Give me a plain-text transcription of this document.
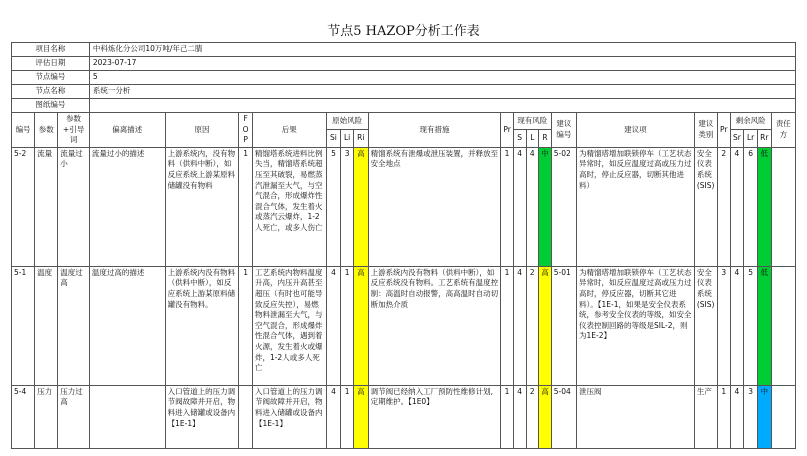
节点5 HAZOP分析工作表
项目名称			中科炼化分公司10万吨/年己二腈																			
评估日期			2023-07-17																			
节点编号			5																			
节点名称			系统一分析																			
图纸编号																						
编号	参数	参数+引导词	偏离描述	原因	FOP	后果	原始风险			现有措施	Pr	现有风险			建议编号	建议项	建议类别	Pr	剩余风险			责任方
							Si	Li	Ri			S	L	R					Sr	Lr	Rr	
5-2	流量	流量过小	流量过小的描述	上游系统内，没有物料（供料中断），如反应系统上游某原料储罐没有物料	1	精馏塔系统进料比例失当，精馏塔系统超压至其破裂，易燃蒸汽泄漏至大气，与空气混合，形成爆炸性混合气体，发生着火或蒸汽云爆炸，1-2人死亡，或多人伤亡	5	3	高	精馏系统有泄爆或泄压装置，并释放至安全地点	1	4	4	中	5-02	为精馏塔增加联锁停车（工艺状态异常时，如反应温度过高或压力过高时，停止反应器，切断其他进料）	安全仪表系统(SIS)	2	4	6	低	
5-1	温度	温度过高	温度过高的描述	上游系统内没有物料（供料中断），如反应系统上游某原料储罐没有物料。	1	工艺系统内物料温度升高，内压升高甚至超压（有时也可能导致反应失控），易燃物料泄漏至大气，与空气混合，形成爆炸性混合气体，遇到着火源，发生着火或爆炸，1-2人或多人死亡	4	1	高	上游系统内没有物料（供料中断），如反应系统没有物料。工艺系统有温度控制：高温时自动报警，高高温时自动切断加热介质	1	4	2	高	5-01	为精馏塔增加联锁停车（工艺状态异常时，如反应温度过高或压力过高时，停反应器，切断其它进料）。【1E-1，如果是安全仪表系统，参考安全仪表的等级，如安全仪表控制回路的等级是SIL-2，则为1E-2】	安全仪表系统(SIS)	3	4	5	低	
5-4	压力	压力过高		入口管道上的压力调节阀故障并开启，物料进入储罐或设备内【1E-1】		入口管道上的压力调节阀故障并开启，物料进入储罐或设备内【1E-1】	4	1	高	调节阀已经纳入工厂预防性维修计划,定期维护。【1E0】	1	4	2	高	5-04	泄压阀	生产	1	4	3	中	
